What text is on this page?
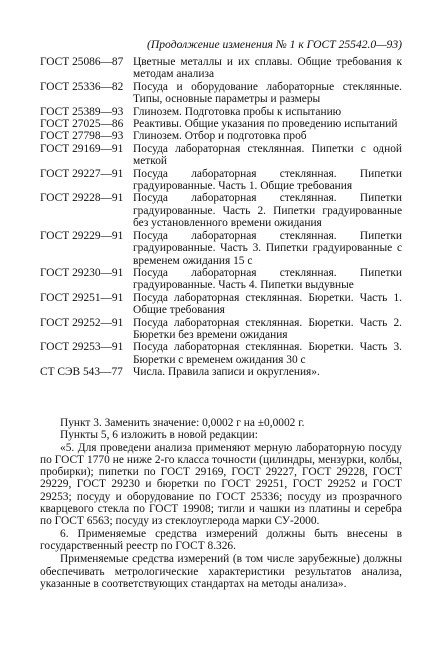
(Продолжение изменения № 1 к ГОСТ 25542.0—93)
ГОСТ 25086—87 Цветные металлы и их сплавы. Общие требования к методам анализа
ГОСТ 25336—82 Посуда и оборудование лабораторные стеклянные. Типы, основные параметры и размеры
ГОСТ 25389—93 Глинозем. Подготовка пробы к испытанию
ГОСТ 27025—86 Реактивы. Общие указания по проведению испытаний
ГОСТ 27798—93 Глинозем. Отбор и подготовка проб
ГОСТ 29169—91 Посуда лабораторная стеклянная. Пипетки с одной меткой
ГОСТ 29227—91 Посуда лабораторная стеклянная. Пипетки градуированные. Часть 1. Общие требования
ГОСТ 29228—91 Посуда лабораторная стеклянная. Пипетки градуированные. Часть 2. Пипетки градуированные без установленного времени ожидания
ГОСТ 29229—91 Посуда лабораторная стеклянная. Пипетки градуированные. Часть 3. Пипетки градуированные с временем ожидания 15 с
ГОСТ 29230—91 Посуда лабораторная стеклянная. Пипетки градуированные. Часть 4. Пипетки выдувные
ГОСТ 29251—91 Посуда лабораторная стеклянная. Бюретки. Часть 1. Общие требования
ГОСТ 29252—91 Посуда лабораторная стеклянная. Бюретки. Часть 2. Бюретки без времени ожидания
ГОСТ 29253—91 Посуда лабораторная стеклянная. Бюретки. Часть 3. Бюретки с временем ожидания 30 с
СТ СЭВ 543—77 Числа. Правила записи и округления».

Пункт 3. Заменить значение: 0,0002 г на ±0,0002 г.

Пункты 5, 6 изложить в новой редакции:

«5. Для проведени анализа применяют мерную лабораторную посуду по ГОСТ 1770 не ниже 2-го класса точности (цилиндры, мензурки, колбы, пробирки); пипетки по ГОСТ 29169, ГОСТ 29227, ГОСТ 29228, ГОСТ 29229, ГОСТ 29230 и бюретки по ГОСТ 29251, ГОСТ 29252 и ГОСТ 29253; посуду и оборудование по ГОСТ 25336; посуду из прозрачного кварцевого стекла по ГОСТ 19908; тигли и чашки из платины и серебра по ГОСТ 6563; посуду из стеклоуглерода марки СУ-2000.

6. Применяемые средства измерений должны быть внесены в государственный реестр по ГОСТ 8.326.

Применяемые средства измерений (в том числе зарубежные) должны обеспечивать метрологические характеристики результатов анализа, указанные в соответствующих стандартах на методы анализа».
